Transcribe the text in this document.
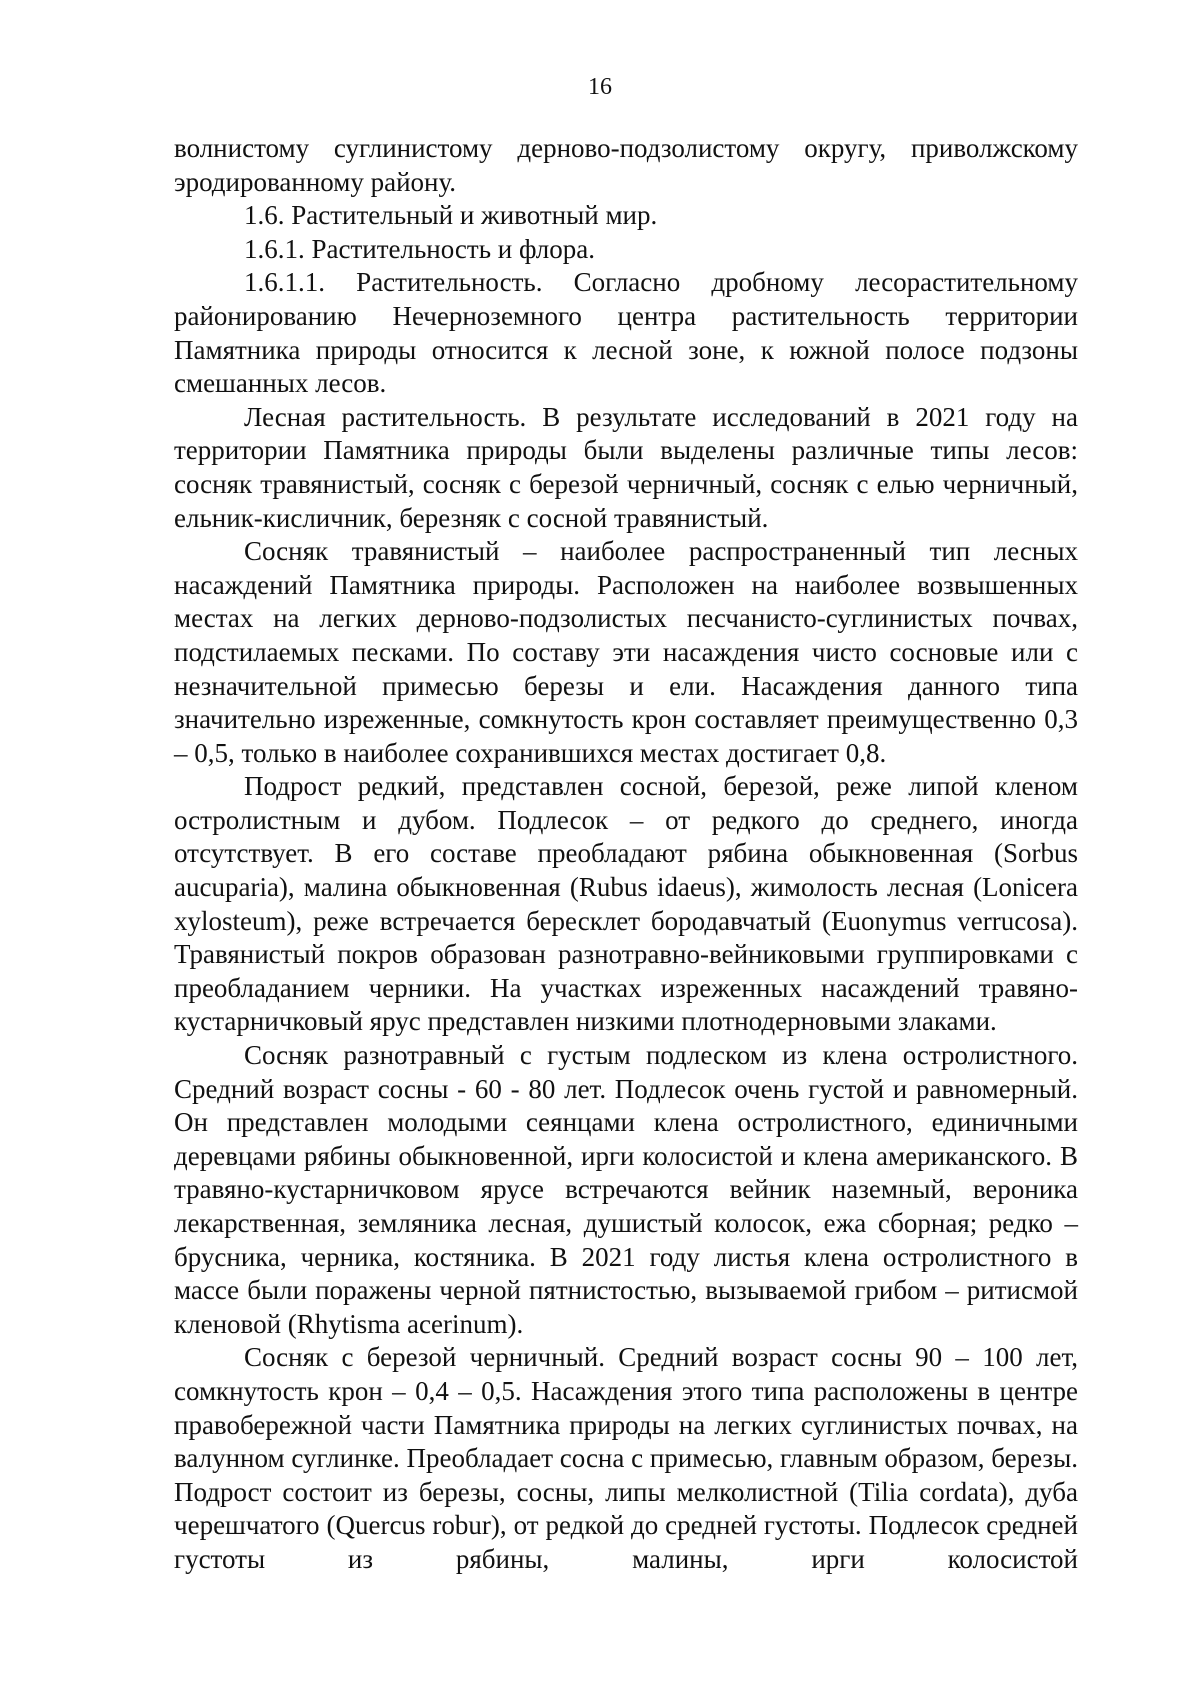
16

волнистому суглинистому дерново-подзолистому округу, приволжскому эродированному району.

1.6. Растительный и животный мир.

1.6.1. Растительность и флора.

1.6.1.1. Растительность. Согласно дробному лесорастительному районированию Нечерноземного центра растительность территории Памятника природы относится к лесной зоне, к южной полосе подзоны смешанных лесов.

Лесная растительность. В результате исследований в 2021 году на территории Памятника природы были выделены различные типы лесов: сосняк травянистый, сосняк с березой черничный, сосняк с елью черничный, ельник-кисличник, березняк с сосной травянистый.

Сосняк травянистый – наиболее распространенный тип лесных насаждений Памятника природы. Расположен на наиболее возвышенных местах на легких дерново-подзолистых песчанисто-суглинистых почвах, подстилаемых песками. По составу эти насаждения чисто сосновые или с незначительной примесью березы и ели. Насаждения данного типа значительно изреженные, сомкнутость крон составляет преимущественно 0,3 – 0,5, только в наиболее сохранившихся местах достигает 0,8.

Подрост редкий, представлен сосной, березой, реже липой кленом остролистным и дубом. Подлесок – от редкого до среднего, иногда отсутствует. В его составе преобладают рябина обыкновенная (Sorbus aucuparia), малина обыкновенная (Rubus idaeus), жимолость лесная (Lonicera xylosteum), реже встречается бересклет бородавчатый (Euonymus verrucosa). Травянистый покров образован разнотравно-вейниковыми группировками с преобладанием черники. На участках изреженных насаждений травяно-кустарничковый ярус представлен низкими плотнодерновыми злаками.

Сосняк разнотравный с густым подлеском из клена остролистного. Средний возраст сосны - 60 - 80 лет. Подлесок очень густой и равномерный. Он представлен молодыми сеянцами клена остролистного, единичными деревцами рябины обыкновенной, ирги колосистой и клена американского. В травяно-кустарничковом ярусе встречаются вейник наземный, вероника лекарственная, земляника лесная, душистый колосок, ежа сборная; редко – брусника, черника, костяника. В 2021 году листья клена остролистного в массе были поражены черной пятнистостью, вызываемой грибом – ритисмой кленовой (Rhytisma acerinum).

Сосняк с березой черничный. Средний возраст сосны 90 – 100 лет, сомкнутость крон – 0,4 – 0,5. Насаждения этого типа расположены в центре правобережной части Памятника природы на легких суглинистых почвах, на валунном суглинке. Преобладает сосна с примесью, главным образом, березы. Подрост состоит из березы, сосны, липы мелколистной (Tilia cordata), дуба черешчатого (Quercus robur), от редкой до средней густоты. Подлесок средней густоты из рябины, малины, ирги колосистой
